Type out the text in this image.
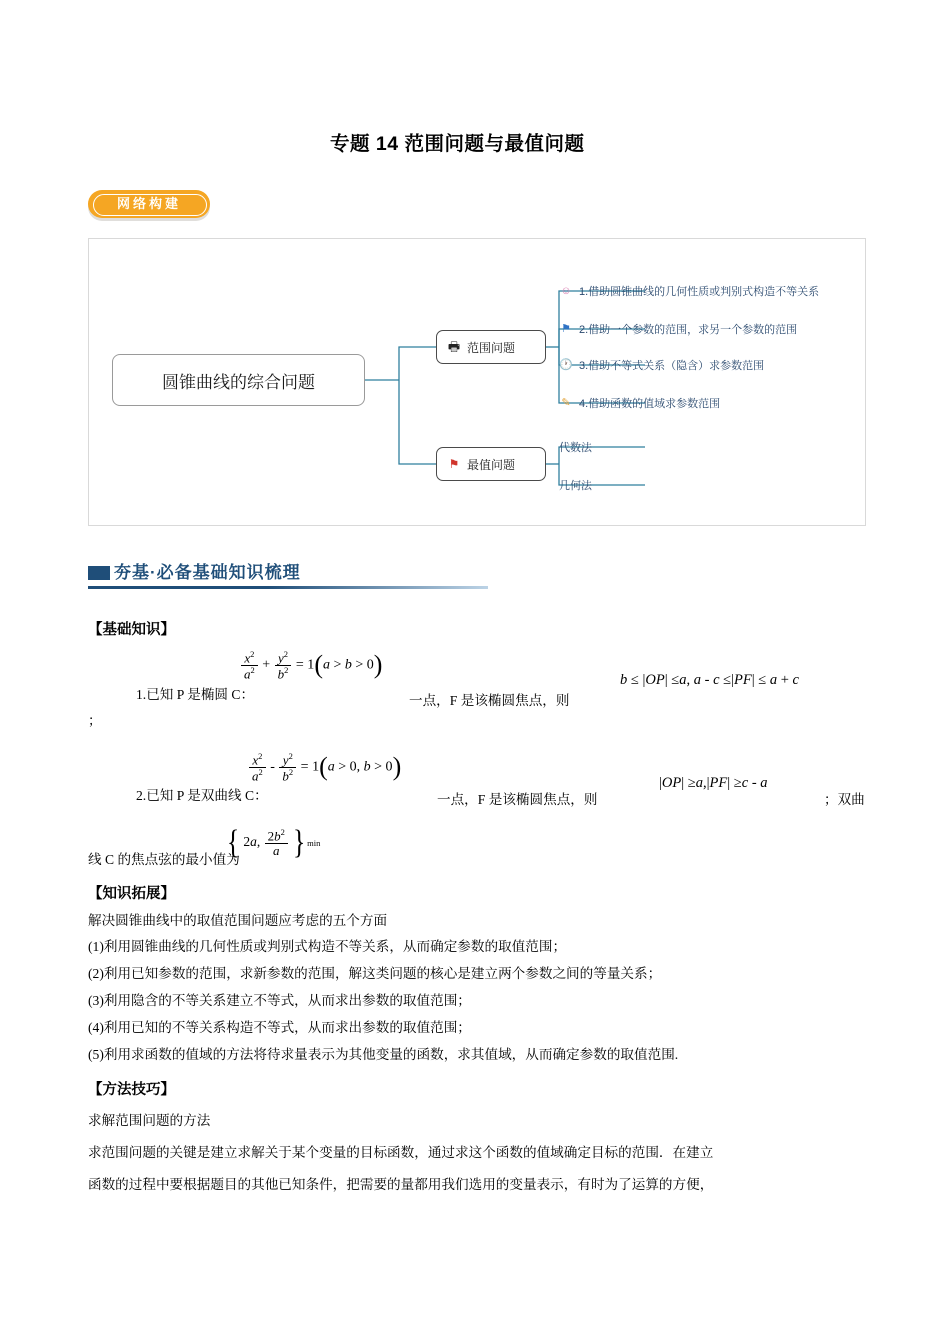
专题 14 范围问题与最值问题
网络构建
圆锥曲线的综合问题
🖶 范围问题
⚑ 最值问题
☺ 1.借助圆锥曲线的几何性质或判别式构造不等关系
⚑ 2.借助一个参数的范围，求另一个参数的范围
🕐 3.借助不等式关系（隐含）求参数范围
✎ 4.借助函数的值域求参数范围
代数法
几何法
夯基·必备基础知识梳理
【基础知识】
1.已知 P 是椭圆 C：
$\frac{x^2}{a^2} + \frac{y^2}{b^2} = 1(a > b > 0)$
一点，F 是该椭圆焦点，则
b ≤ |OP| ≤a, a - c ≤|PF| ≤ a + c
；
2.已知 P 是双曲线 C：
$\frac{x^2}{a^2} - \frac{y^2}{b^2} = 1(a > 0$, b > 0)
一点，F 是该椭圆焦点，则
|OP| ≥a,|PF| ≥c - a
；双曲
线 C 的焦点弦的最小值为
{ 2a, $\frac{2b^2}{a}$ } min
【知识拓展】
解决圆锥曲线中的取值范围问题应考虑的五个方面
(1)利用圆锥曲线的几何性质或判别式构造不等关系，从而确定参数的取值范围；
(2)利用已知参数的范围，求新参数的范围，解这类问题的核心是建立两个参数之间的等量关系；
(3)利用隐含的不等关系建立不等式，从而求出参数的取值范围；
(4)利用已知的不等关系构造不等式，从而求出参数的取值范围；
(5)利用求函数的值域的方法将待求量表示为其他变量的函数，求其值域，从而确定参数的取值范围.
【方法技巧】
求解范围问题的方法
求范围问题的关键是建立求解关于某个变量的目标函数，通过求这个函数的值域确定目标的范围．在建立
函数的过程中要根据题目的其他已知条件，把需要的量都用我们选用的变量表示，有时为了运算的方便，
